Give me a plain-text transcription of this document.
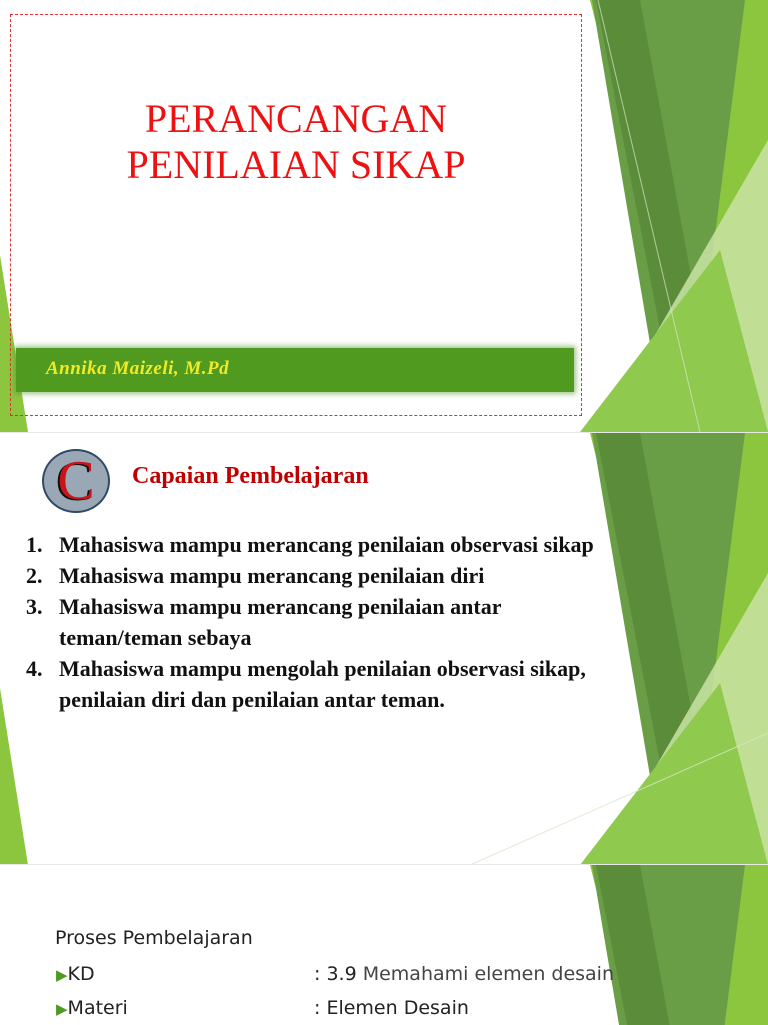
PERANCANGAN
PENILAIAN SIKAP
Annika Maizeli, M.Pd
C	Capaian Pembelajaran
1. Mahasiswa mampu merancang penilaian observasi sikap
2. Mahasiswa mampu merancang penilaian diri
3. Mahasiswa mampu merancang penilaian antar teman/teman sebaya
4. Mahasiswa mampu mengolah penilaian observasi sikap, penilaian diri dan penilaian antar teman.
Proses Pembelajaran
▶KD	: 3.9 Memahami elemen desain
▶Materi	: Elemen Desain
